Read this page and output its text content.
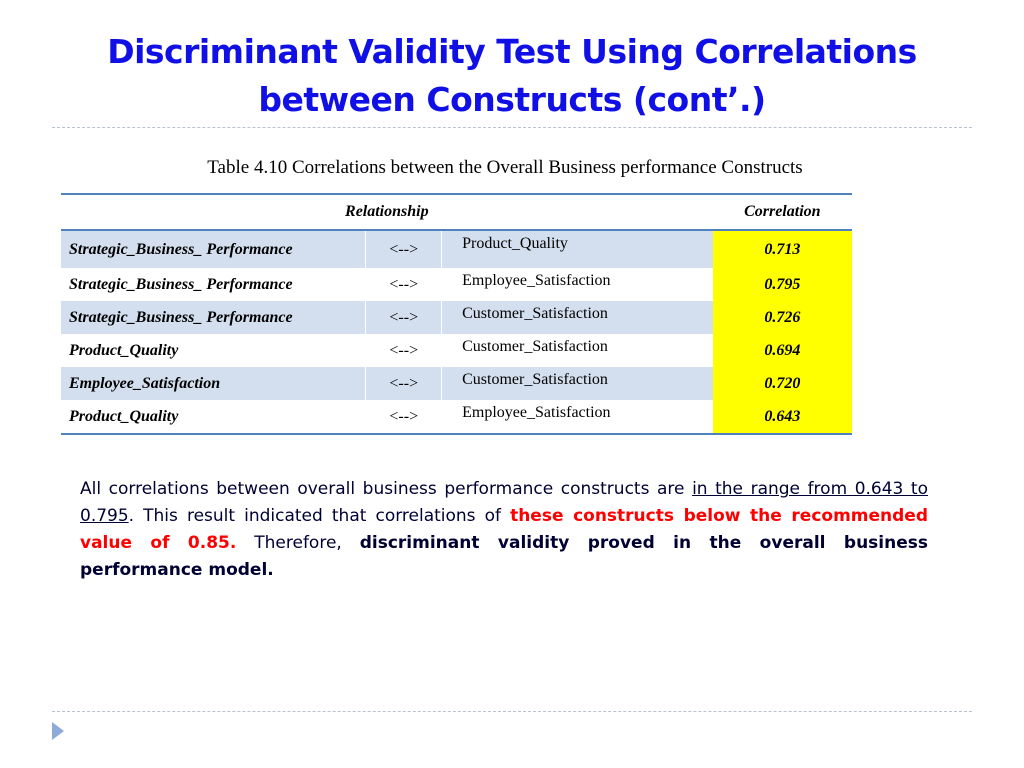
Discriminant Validity Test Using Correlations
between Constructs (cont’.)
Table 4.10 Correlations between the Overall Business performance Constructs
Relationship			Correlation
Strategic_Business_ Performance	<-->	Product_Quality	0.713
Strategic_Business_ Performance	<-->	Employee_Satisfaction	0.795
Strategic_Business_ Performance	<-->	Customer_Satisfaction	0.726
Product_Quality	<-->	Customer_Satisfaction	0.694
Employee_Satisfaction	<-->	Customer_Satisfaction	0.720
Product_Quality	<-->	Employee_Satisfaction	0.643
All correlations between overall business performance constructs are in the range from 0.643 to 0.795. This result indicated that correlations of these constructs below the recommended value of 0.85. Therefore, discriminant validity proved in the overall business performance model.
